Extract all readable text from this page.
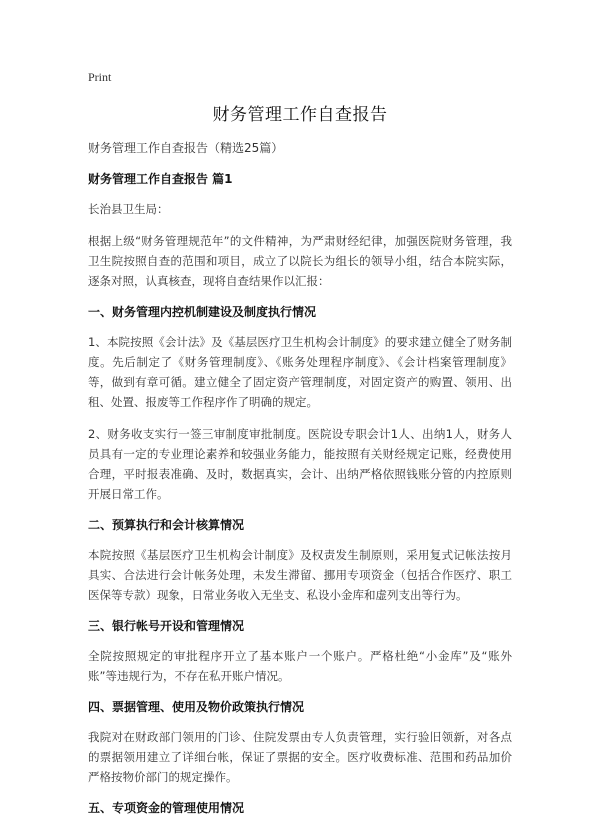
Print
财务管理工作自查报告

财务管理工作自查报告（精选25篇）

财务管理工作自查报告 篇1

长治县卫生局：

根据上级“财务管理规范年”的文件精神，为严肃财经纪律，加强医院财务管理，我卫生院按照自查的范围和项目，成立了以院长为组长的领导小组，结合本院实际，逐条对照，认真核查，现将自查结果作以汇报：

一、财务管理内控机制建设及制度执行情况

1、本院按照《会计法》及《基层医疗卫生机构会计制度》的要求建立健全了财务制度。先后制定了《财务管理制度》、《账务处理程序制度》、《会计档案管理制度》等，做到有章可循。建立健全了固定资产管理制度，对固定资产的购置、领用、出租、处置、报废等工作程序作了明确的规定。

2、财务收支实行一签三审制度审批制度。医院设专职会计1人、出纳1人，财务人员具有一定的专业理论素养和较强业务能力，能按照有关财经规定记账，经费使用合理，平时报表准确、及时，数据真实，会计、出纳严格依照钱账分管的内控原则开展日常工作。

二、预算执行和会计核算情况

本院按照《基层医疗卫生机构会计制度》及权责发生制原则，采用复式记帐法按月具实、合法进行会计帐务处理，未发生滞留、挪用专项资金（包括合作医疗、职工医保等专款）现象，日常业务收入无坐支、私设小金库和虚列支出等行为。

三、银行帐号开设和管理情况

全院按照规定的审批程序开立了基本账户一个账户。严格杜绝“小金库”及“账外账”等违规行为，不存在私开账户情况。

四、票据管理、使用及物价政策执行情况

我院对在财政部门领用的门诊、住院发票由专人负责管理，实行验旧领新，对各点的票据领用建立了详细台帐，保证了票据的安全。医疗收费标准、范围和药品加价严格按物价部门的规定操作。

五、专项资金的管理使用情况
